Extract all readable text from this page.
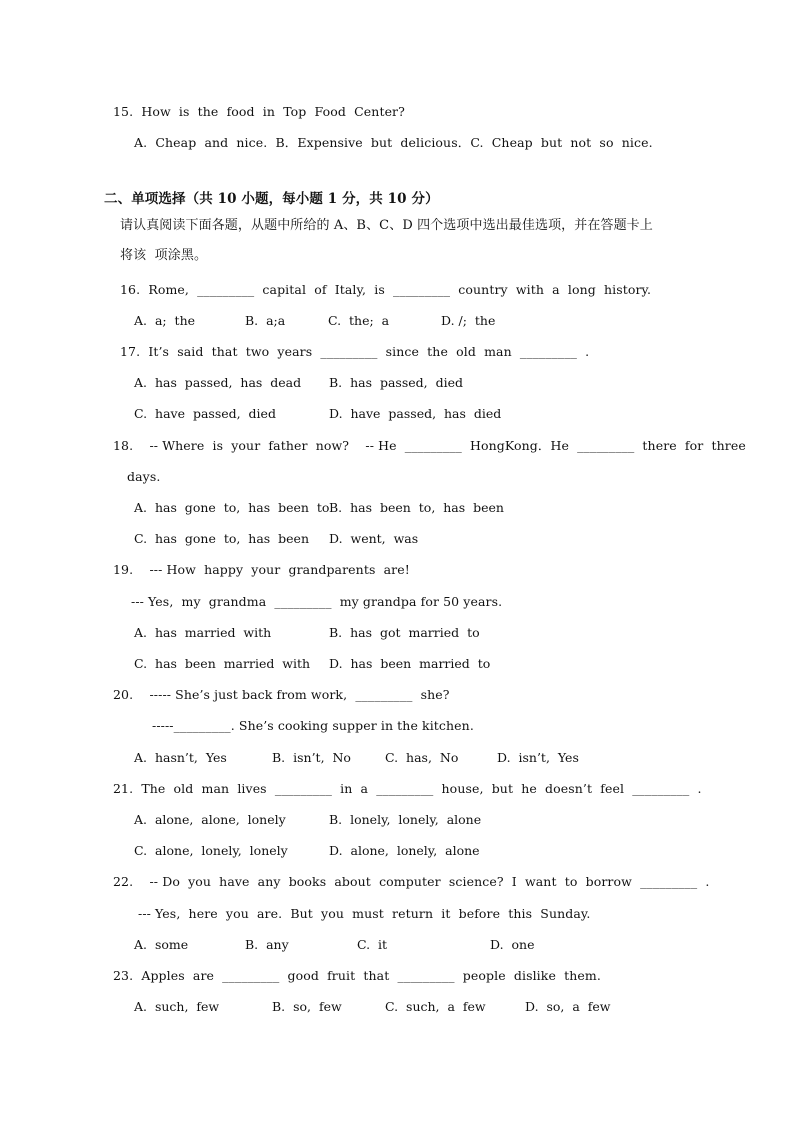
15.  How  is  the  food  in  Top  Food  Center?
A.  Cheap  and  nice.  B．Expensive  but  delicious．C.  Cheap  but  not  so  nice.
二、单项选择（共 10 小题，每小题 1 分，共 10 分）
请认真阅读下面各题，从题中所给的 A、B、C、D 四个选项中选出最佳选项，并在答题卡上
将该  项涂黑。
16.  Rome,  _________  capital  of  Italy,  is  _________  country  with  a  long  history.
A.  a;  the	B.  a;a	C.  the;  a	D. /;  the
17.  It’s  said  that  two  years  _________  since  the  old  man  _________  .
A.  has  passed,  has  dead B.  has  passed,  died
C.  have  passed,  died	D.  have  passed,  has  died
18.    -- Where  is  your  father  now?    -- He  _________  HongKong．He  _________  there  for  three
days.
A.  has  gone  to,  has  been  to B.  has  been  to,  has  been
C.  has  gone  to,  has  been D.  went,  was
19.    --- How  happy  your  grandparents  are!
--- Yes,  my  grandma  _________  my grandpa for 50 years.
A.  has  married  with	B.  has  got  married  to
C.  has  been  married  with D.  has  been  married  to
20.    ----- She’s just back from work,  _________  she?
-----_________. She’s cooking supper in the kitchen.
A.  hasn’t,  Yes	B.  isn’t,  No	C.  has,  No	D.  isn’t,  Yes
21.  The  old  man  lives  _________  in  a  _________  house,  but  he  doesn’t  feel  _________  .
A.  alone,  alone,  lonely	B.  lonely,  lonely,  alone
C.  alone,  lonely,  lonely	D.  alone,  lonely,  alone
22.    -- Do  you  have  any  books  about  computer  science?  I  want  to  borrow  _________  .
--- Yes,  here  you  are.  But  you  must  return  it  before  this  Sunday.
A.  some	B.  any	C.  it	D.  one
23.  Apples  are  _________  good  fruit  that  _________  people  dislike  them.
A.  such,  few	B.  so,  few	C.  such,  a  few	D.  so,  a  few
